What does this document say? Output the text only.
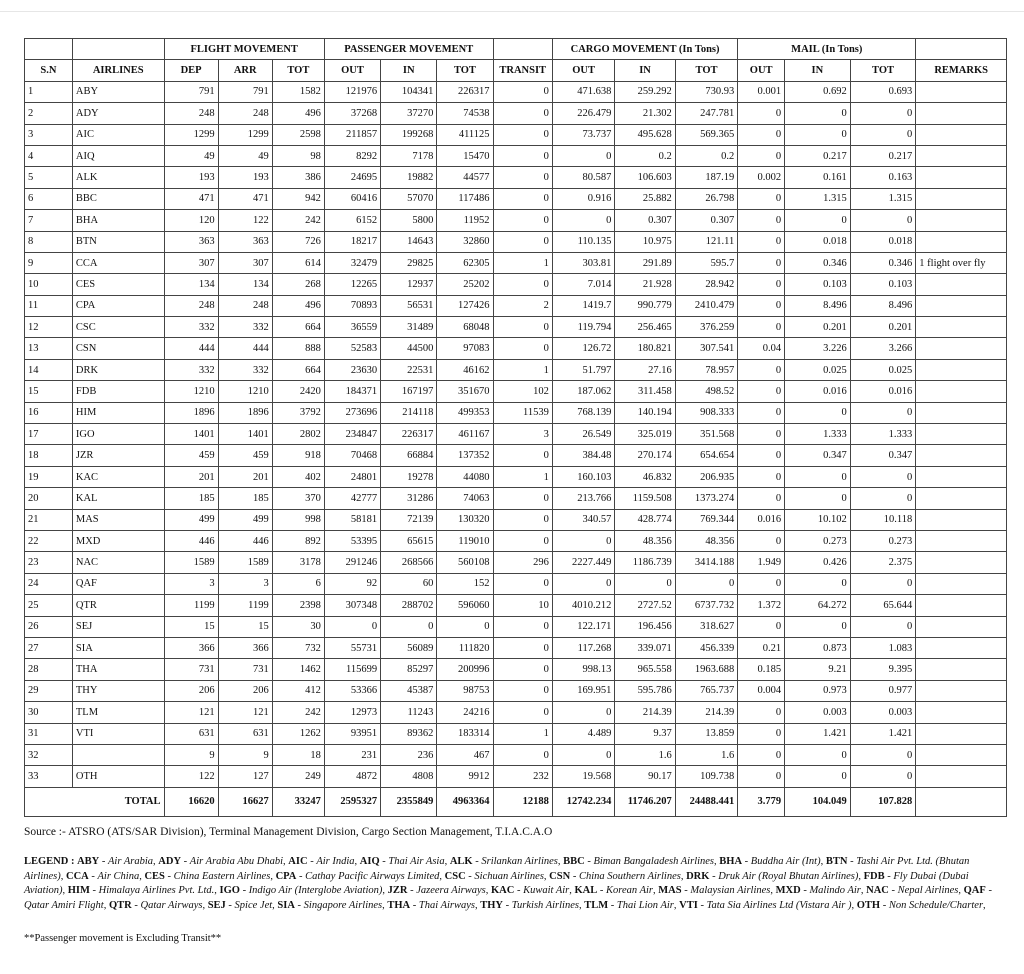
		FLIGHT MOVEMENT			PASSENGER MOVEMENT				CARGO MOVEMENT (In Tons)			MAIL (In Tons)			
S.N	AIRLINES	DEP	ARR	TOT	OUT	IN	TOT	TRANSIT	OUT	IN	TOT	OUT	IN	TOT	REMARKS
1	ABY	791	791	1582	121976	104341	226317	0	471.638	259.292	730.93	0.001	0.692	0.693	
2	ADY	248	248	496	37268	37270	74538	0	226.479	21.302	247.781	0	0	0	
3	AIC	1299	1299	2598	211857	199268	411125	0	73.737	495.628	569.365	0	0	0	
4	AIQ	49	49	98	8292	7178	15470	0	0	0.2	0.2	0	0.217	0.217	
5	ALK	193	193	386	24695	19882	44577	0	80.587	106.603	187.19	0.002	0.161	0.163	
6	BBC	471	471	942	60416	57070	117486	0	0.916	25.882	26.798	0	1.315	1.315	
7	BHA	120	122	242	6152	5800	11952	0	0	0.307	0.307	0	0	0	
8	BTN	363	363	726	18217	14643	32860	0	110.135	10.975	121.11	0	0.018	0.018	
9	CCA	307	307	614	32479	29825	62305	1	303.81	291.89	595.7	0	0.346	0.346	1 flight over fly
10	CES	134	134	268	12265	12937	25202	0	7.014	21.928	28.942	0	0.103	0.103	
11	CPA	248	248	496	70893	56531	127426	2	1419.7	990.779	2410.479	0	8.496	8.496	
12	CSC	332	332	664	36559	31489	68048	0	119.794	256.465	376.259	0	0.201	0.201	
13	CSN	444	444	888	52583	44500	97083	0	126.72	180.821	307.541	0.04	3.226	3.266	
14	DRK	332	332	664	23630	22531	46162	1	51.797	27.16	78.957	0	0.025	0.025	
15	FDB	1210	1210	2420	184371	167197	351670	102	187.062	311.458	498.52	0	0.016	0.016	
16	HIM	1896	1896	3792	273696	214118	499353	11539	768.139	140.194	908.333	0	0	0	
17	IGO	1401	1401	2802	234847	226317	461167	3	26.549	325.019	351.568	0	1.333	1.333	
18	JZR	459	459	918	70468	66884	137352	0	384.48	270.174	654.654	0	0.347	0.347	
19	KAC	201	201	402	24801	19278	44080	1	160.103	46.832	206.935	0	0	0	
20	KAL	185	185	370	42777	31286	74063	0	213.766	1159.508	1373.274	0	0	0	
21	MAS	499	499	998	58181	72139	130320	0	340.57	428.774	769.344	0.016	10.102	10.118	
22	MXD	446	446	892	53395	65615	119010	0	0	48.356	48.356	0	0.273	0.273	
23	NAC	1589	1589	3178	291246	268566	560108	296	2227.449	1186.739	3414.188	1.949	0.426	2.375	
24	QAF	3	3	6	92	60	152	0	0	0	0	0	0	0	
25	QTR	1199	1199	2398	307348	288702	596060	10	4010.212	2727.52	6737.732	1.372	64.272	65.644	
26	SEJ	15	15	30	0	0	0	0	122.171	196.456	318.627	0	0	0	
27	SIA	366	366	732	55731	56089	111820	0	117.268	339.071	456.339	0.21	0.873	1.083	
28	THA	731	731	1462	115699	85297	200996	0	998.13	965.558	1963.688	0.185	9.21	9.395	
29	THY	206	206	412	53366	45387	98753	0	169.951	595.786	765.737	0.004	0.973	0.977	
30	TLM	121	121	242	12973	11243	24216	0	0	214.39	214.39	0	0.003	0.003	
31	VTI	631	631	1262	93951	89362	183314	1	4.489	9.37	13.859	0	1.421	1.421	
32		9	9	18	231	236	467	0	0	1.6	1.6	0	0	0	
33	OTH	122	127	249	4872	4808	9912	232	19.568	90.17	109.738	0	0	0	
TOTAL		16620	16627	33247	2595327	2355849	4963364	12188	12742.234	11746.207	24488.441	3.779	104.049	107.828	
Source :- ATSRO (ATS/SAR Division), Terminal Management Division, Cargo Section Management, T.I.A.C.A.O
LEGEND : ABY - Air Arabia, ADY - Air Arabia Abu Dhabi, AIC - Air India, AIQ - Thai Air Asia, ALK - Srilankan Airlines, BBC - Biman Bangaladesh Airlines, BHA - Buddha Air (Int), BTN - Tashi Air Pvt. Ltd. (Bhutan Airlines), CCA - Air China, CES - China Eastern Airlines, CPA - Cathay Pacific Airways Limited, CSC - Sichuan Airlines, CSN - China Southern Airlines, DRK - Druk Air (Royal Bhutan Airlines), FDB - Fly Dubai (Dubai Aviation), HIM - Himalaya Airlines Pvt. Ltd., IGO - Indigo Air (Interglobe Aviation), JZR - Jazeera Airways, KAC - Kuwait Air, KAL - Korean Air, MAS - Malaysian Airlines, MXD - Malindo Air, NAC - Nepal Airlines, QAF - Qatar Amiri Flight, QTR - Qatar Airways, SEJ - Spice Jet, SIA - Singapore Airlines, THA - Thai Airways, THY - Turkish Airlines, TLM - Thai Lion Air, VTI - Tata Sia Airlines Ltd (Vistara Air ), OTH - Non Schedule/Charter,
**Passenger movement is Excluding Transit**
